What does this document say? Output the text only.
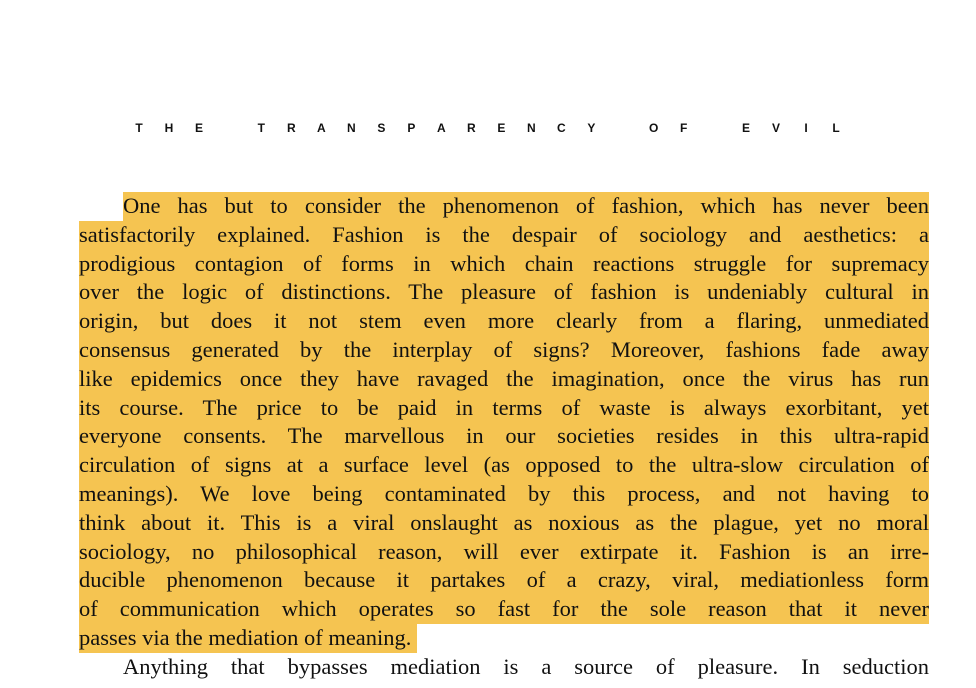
T H E	T R A N S P A R E N C Y	O F	E V I L
One has but to consider the phenomenon of fashion, which has never been
satisfactorily explained. Fashion is the despair of sociology and aesthetics: a
prodigious contagion of forms in which chain reactions struggle for supremacy
over the logic of distinctions. The pleasure of fashion is undeniably cultural in
origin, but does it not stem even more clearly from a flaring, unmediated
consensus generated by the interplay of signs? Moreover, fashions fade away
like epidemics once they have ravaged the imagination, once the virus has run
its course. The price to be paid in terms of waste is always exorbitant, yet
everyone consents. The marvellous in our societies resides in this ultra-rapid
circulation of signs at a surface level (as opposed to the ultra-slow circulation of
meanings). We love being contaminated by this process, and not having to
think about it. This is a viral onslaught as noxious as the plague, yet no moral
sociology, no philosophical reason, will ever extirpate it. Fashion is an irre-
ducible phenomenon because it partakes of a crazy, viral, mediationless form
of communication which operates so fast for the sole reason that it never
passes via the mediation of meaning.
Anything that bypasses mediation is a source of pleasure. In seduction
